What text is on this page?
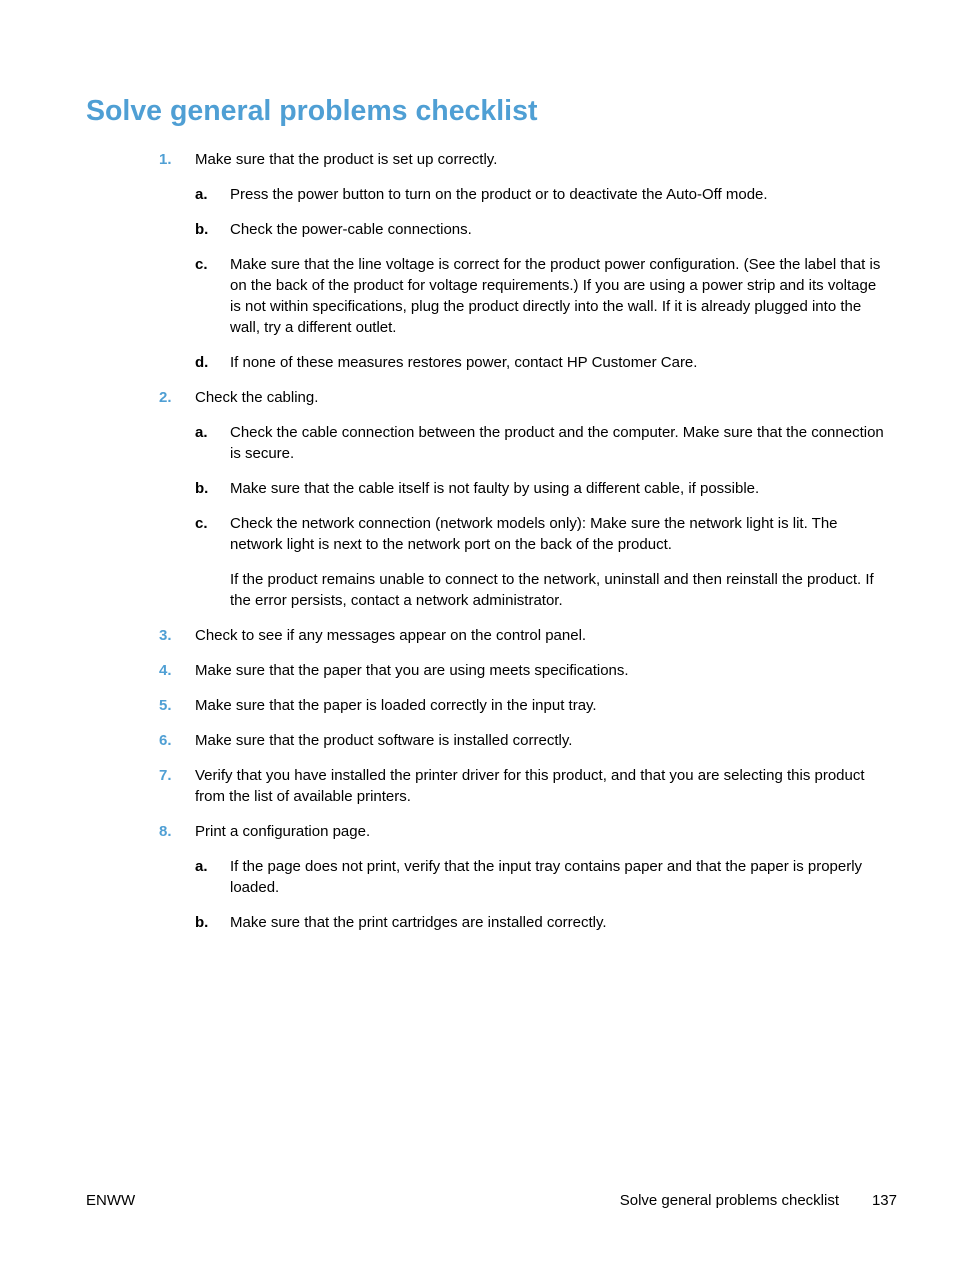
Solve general problems checklist
1. Make sure that the product is set up correctly.
a. Press the power button to turn on the product or to deactivate the Auto-Off mode.
b. Check the power-cable connections.
c. Make sure that the line voltage is correct for the product power configuration. (See the label that is on the back of the product for voltage requirements.) If you are using a power strip and its voltage is not within specifications, plug the product directly into the wall. If it is already plugged into the wall, try a different outlet.
d. If none of these measures restores power, contact HP Customer Care.
2. Check the cabling.
a. Check the cable connection between the product and the computer. Make sure that the connection is secure.
b. Make sure that the cable itself is not faulty by using a different cable, if possible.
c. Check the network connection (network models only): Make sure the network light is lit. The network light is next to the network port on the back of the product.
If the product remains unable to connect to the network, uninstall and then reinstall the product. If the error persists, contact a network administrator.
3. Check to see if any messages appear on the control panel.
4. Make sure that the paper that you are using meets specifications.
5. Make sure that the paper is loaded correctly in the input tray.
6. Make sure that the product software is installed correctly.
7. Verify that you have installed the printer driver for this product, and that you are selecting this product from the list of available printers.
8. Print a configuration page.
a. If the page does not print, verify that the input tray contains paper and that the paper is properly loaded.
b. Make sure that the print cartridges are installed correctly.
ENWW	Solve general problems checklist 137
